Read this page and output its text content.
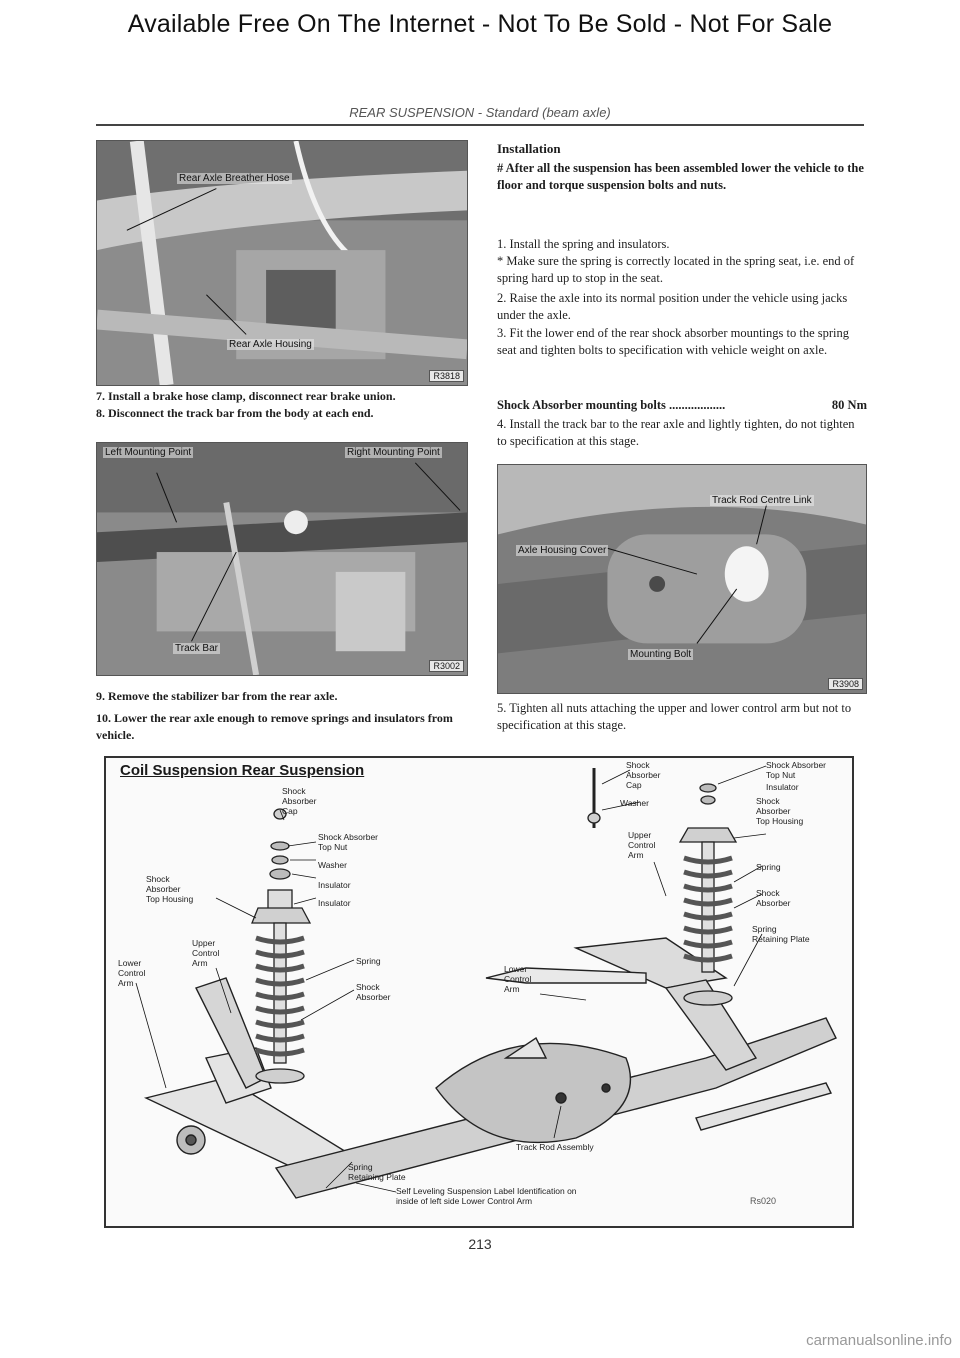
Available Free On The Internet - Not To Be Sold - Not For Sale
REAR SUSPENSION - Standard (beam axle)
Rear Axle Breather Hose
Rear Axle Housing
R3818
7. Install a brake hose clamp, disconnect rear brake union.
8. Disconnect the track bar from the body at each end.
Left Mounting Point	Right Mounting Point
Track Bar
R3002
9. Remove the stabilizer bar from the rear axle.
10. Lower the rear axle enough to remove springs and insulators from vehicle.
Installation
# After all the suspension has been assembled lower the vehicle to the floor and torque suspension bolts and nuts.
1. Install the spring and insulators.
* Make sure the spring is correctly located in the spring seat, i.e. end of spring hard up to stop in the seat.
2. Raise the axle into its normal position under the vehicle using jacks under the axle.
3. Fit the lower end of the rear shock absorber mountings to the spring seat and tighten bolts to specification with vehicle weight on axle.
Shock Absorber mounting bolts ..................	80 Nm
4. Install the track bar to the rear axle and lightly tighten, do not tighten to specification at this stage.
Track Rod Centre Link
Axle Housing Cover
Mounting Bolt
R3908
5. Tighten all nuts attaching the upper and lower control arm but not to specification at this stage.
Coil Suspension Rear Suspension
Shock
Absorber
Cap
Shock Absorber
Top Nut
Washer
Insulator
Insulator
Shock
Absorber
Top Housing
Upper
Control
Arm
Lower
Control
Arm
Spring
Shock
Absorber
Lower
Control
Arm
Shock
Absorber
Cap
Washer
Shock Absorber
Top Nut
Insulator
Shock
Absorber
Top Housing
Upper
Control
Arm
Spring
Shock
Absorber
Spring
Retaining Plate
Track Rod Assembly
Spring
Retaining Plate
Self Leveling Suspension Label Identification on
inside of left side Lower Control Arm	Rs020
213
carmanualsonline.info
